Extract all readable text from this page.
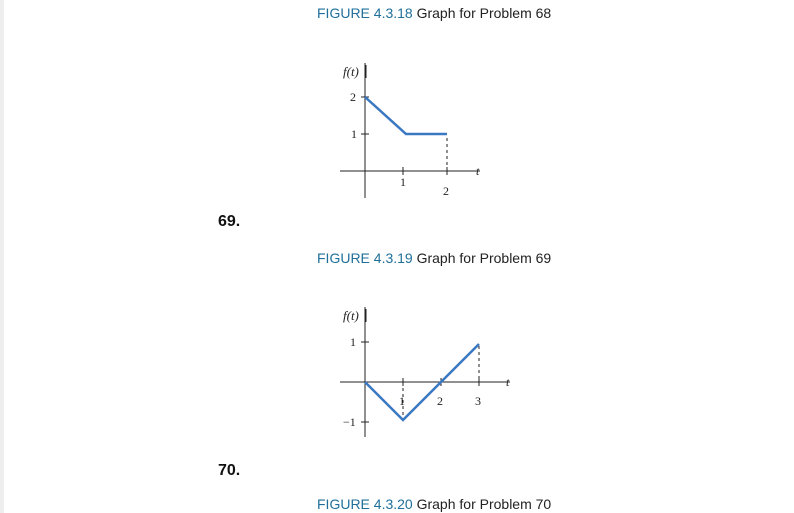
FIGURE 4.3.18 Graph for Problem 68
f(t)
2
1
1
2
t
69.
FIGURE 4.3.19 Graph for Problem 69
f(t)
1
−1
1	2	3
t
70.
FIGURE 4.3.20 Graph for Problem 70
